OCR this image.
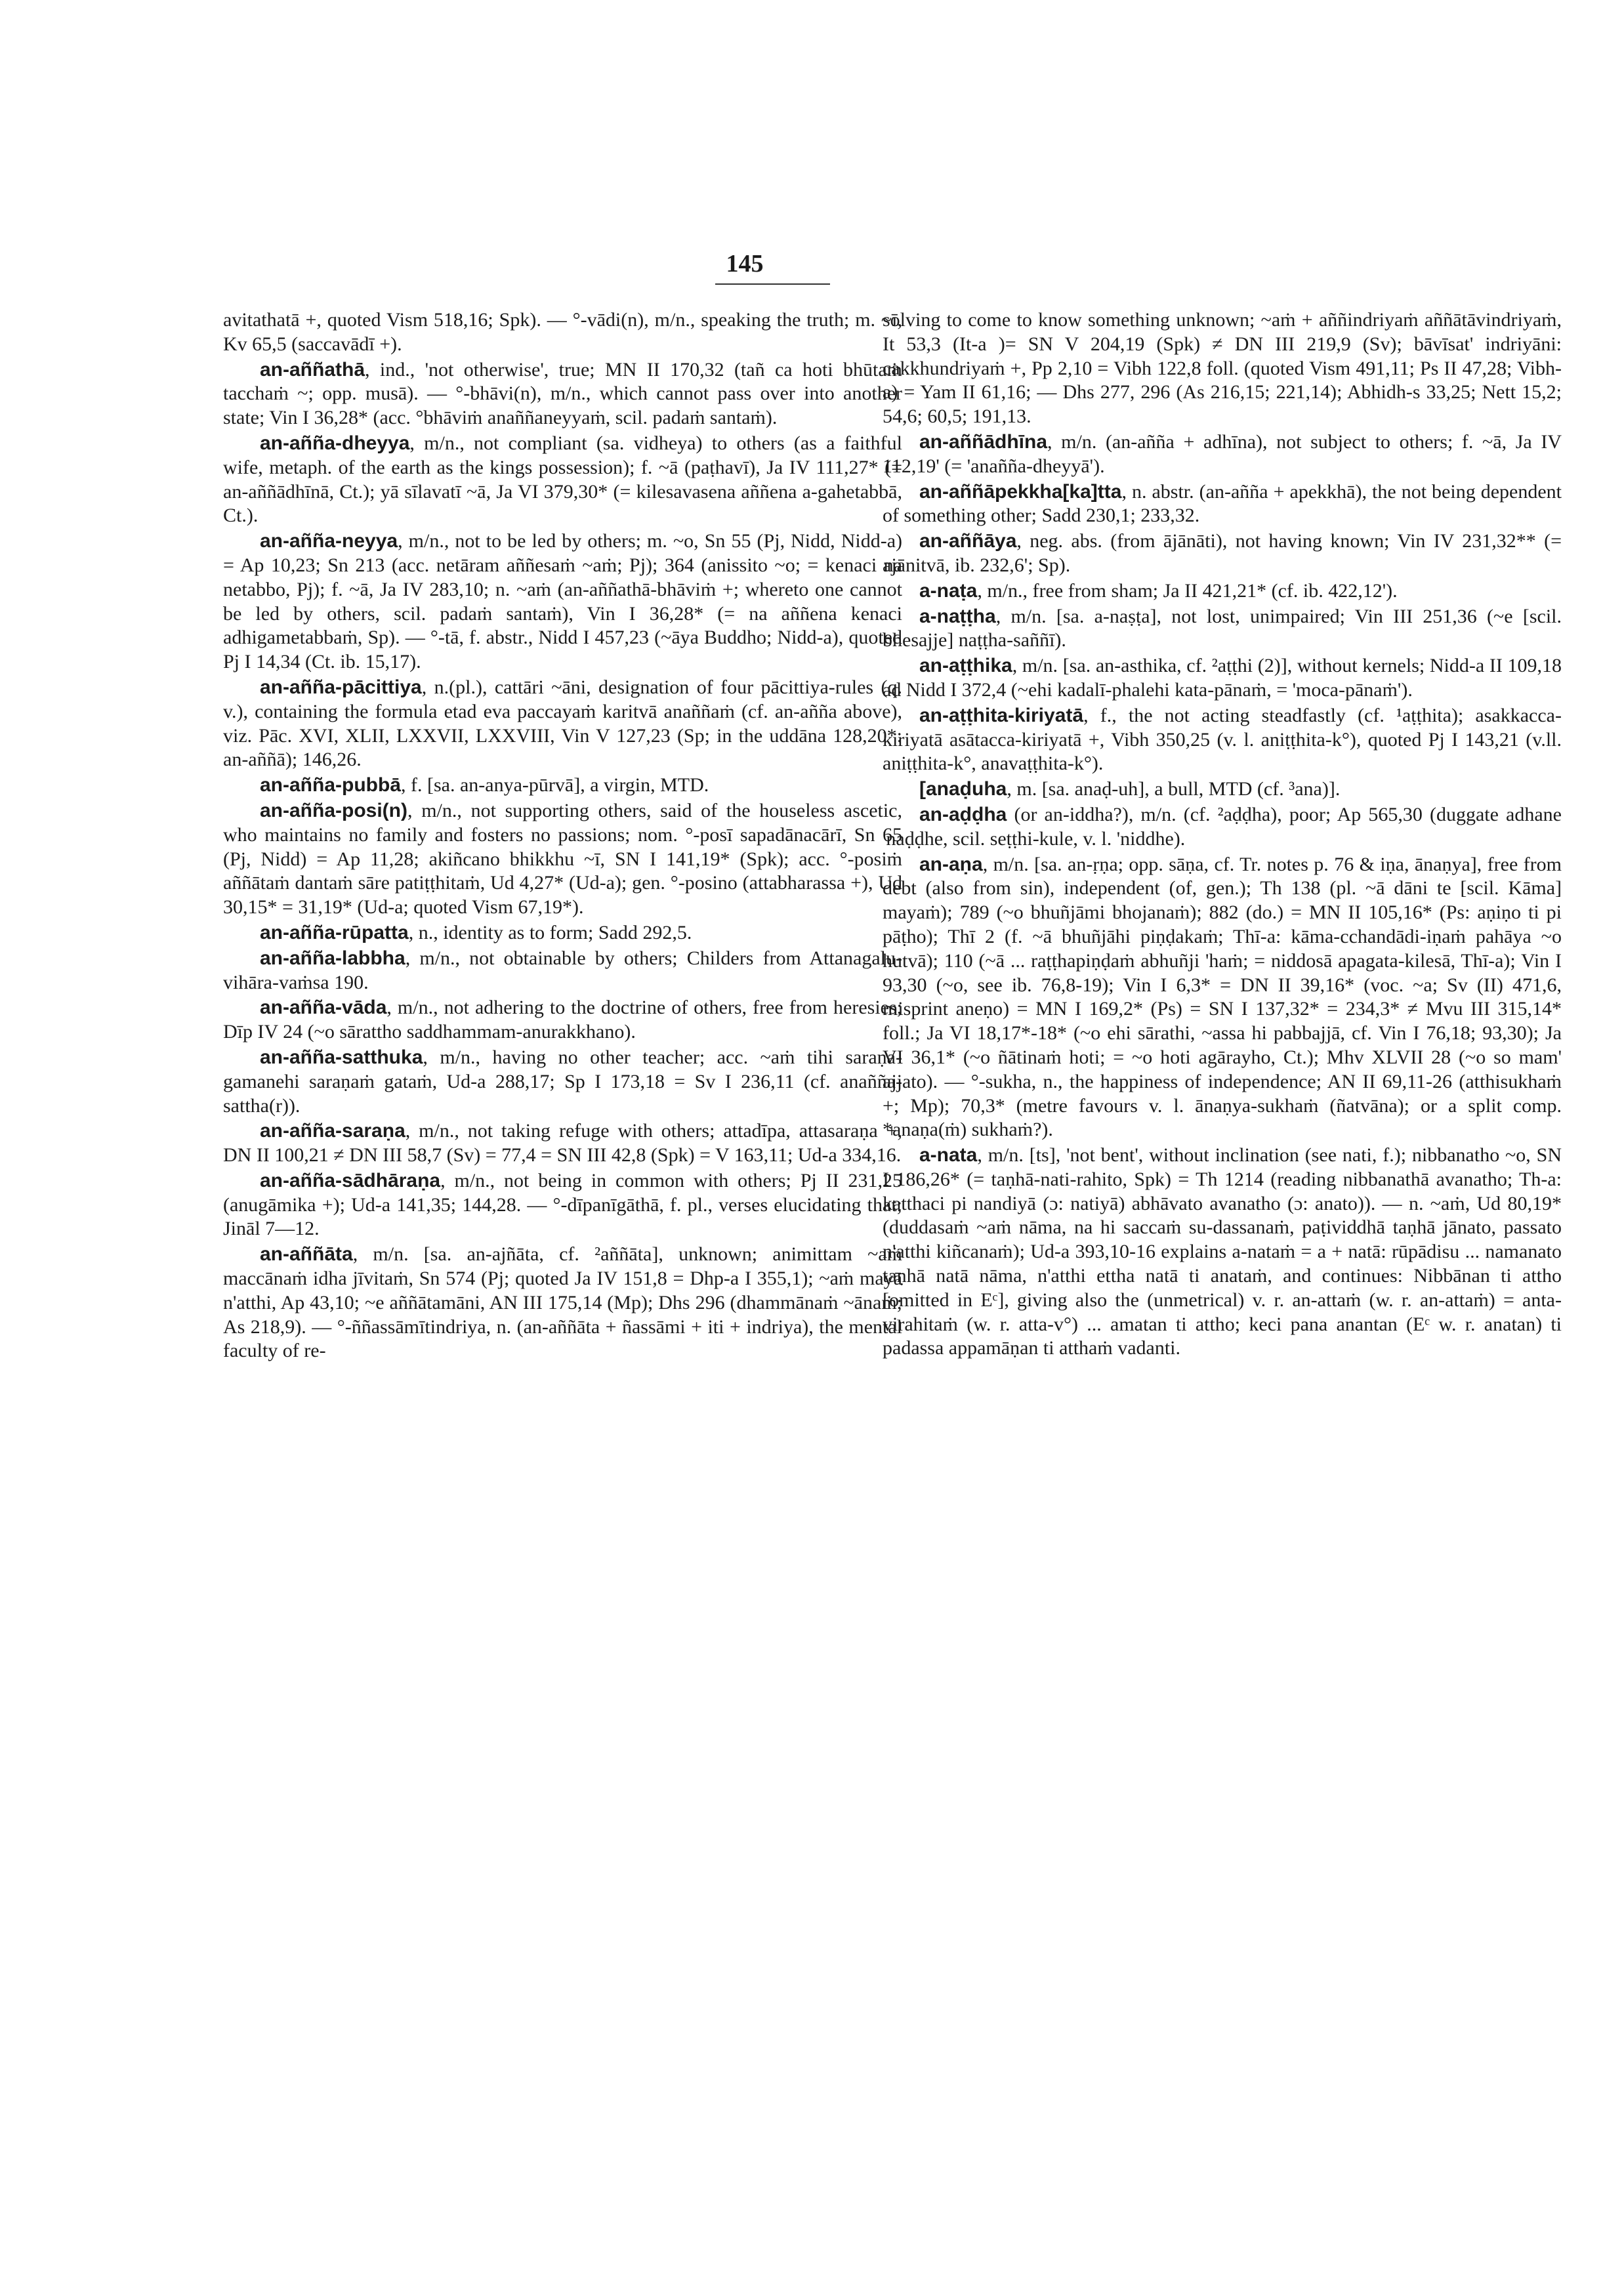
145

avitathatā +, quoted Vism 518,16; Spk). — °-vādi(n), m/n., speaking the truth; m. ~ī, Kv 65,5 (saccavādī +).

an-aññathā, ind., 'not otherwise', true; MN II 170,32 (tañ ca hoti bhūtaṁ tacchaṁ ~; opp. musā). — °-bhāvi(n), m/n., which cannot pass over into another state; Vin I 36,28* (acc. °bhāviṁ anaññaneyyaṁ, scil. padaṁ santaṁ).

an-añña-dheyya, m/n., not compliant (sa. vidheya) to others (as a faithful wife, metaph. of the earth as the kings possession); f. ~ā (paṭhavī), Ja IV 111,27* (= an-aññādhīnā, Ct.); yā sīlavatī ~ā, Ja VI 379,30* (= kilesavasena aññena a-gahetabbā, Ct.).

an-añña-neyya, m/n., not to be led by others; m. ~o, Sn 55 (Pj, Nidd, Nidd-a) = Ap 10,23; Sn 213 (acc. netāram aññesaṁ ~aṁ; Pj); 364 (anissito ~o; = kenaci na netabbo, Pj); f. ~ā, Ja IV 283,10; n. ~aṁ (an-aññathā-bhāviṁ +; whereto one cannot be led by others, scil. padaṁ santaṁ), Vin I 36,28* (= na aññena kenaci adhigametabbaṁ, Sp). — °-tā, f. abstr., Nidd I 457,23 (~āya Buddho; Nidd-a), quoted Pj I 14,34 (Ct. ib. 15,17).

an-añña-pācittiya, n.(pl.), cattāri ~āni, designation of four pācittiya-rules (q. v.), containing the formula etad eva paccayaṁ karitvā anaññaṁ (cf. an-añña above), viz. Pāc. XVI, XLII, LXXVII, LXXVIII, Vin V 127,23 (Sp; in the uddāna 128,20*: an-aññā); 146,26.

an-añña-pubbā, f. [sa. an-anya-pūrvā], a virgin, MTD.

an-añña-posi(n), m/n., not supporting others, said of the houseless ascetic, who maintains no family and fosters no passions; nom. °-posī sapadānacārī, Sn 65 (Pj, Nidd) = Ap 11,28; akiñcano bhikkhu ~ī, SN I 141,19* (Spk); acc. °-posiṁ aññātaṁ dantaṁ sāre patiṭṭhitaṁ, Ud 4,27* (Ud-a); gen. °-posino (attabharassa +), Ud 30,15* = 31,19* (Ud-a; quoted Vism 67,19*).

an-añña-rūpatta, n., identity as to form; Sadd 292,5.

an-añña-labbha, m/n., not obtainable by others; Childers from Attanagalu-vihāra-vaṁsa 190.

an-añña-vāda, m/n., not adhering to the doctrine of others, free from heresies; Dīp IV 24 (~o sārattho saddhammam-anurakkhano).

an-añña-satthuka, m/n., having no other teacher; acc. ~aṁ tihi saraṇa-gamanehi saraṇaṁ gataṁ, Ud-a 288,17; Sp I 173,18 = Sv I 236,11 (cf. anañña-sattha(r)).

an-añña-saraṇa, m/n., not taking refuge with others; attadīpa, attasaraṇa +, DN II 100,21 ≠ DN III 58,7 (Sv) = 77,4 = SN III 42,8 (Spk) = V 163,11; Ud-a 334,16.

an-añña-sādhāraṇa, m/n., not being in common with others; Pj II 231,25 (anugāmika +); Ud-a 141,35; 144,28. — °-dīpanīgāthā, f. pl., verses elucidating that; Jināl 7—12.

an-aññāta, m/n. [sa. an-ajñāta, cf. ²aññāta], unknown; animittam ~aṁ maccānaṁ idha jīvitaṁ, Sn 574 (Pj; quoted Ja IV 151,8 = Dhp-a I 355,1); ~aṁ mayā n'atthi, Ap 43,10; ~e aññātamāni, AN III 175,14 (Mp); Dhs 296 (dhammānaṁ ~ānaṁ; As 218,9). — °-ññassāmītindriya, n. (an-aññāta + ñassāmi + iti + indriya), the mental faculty of re-

solving to come to know something unknown; ~aṁ + aññindriyaṁ aññātāvindriyaṁ, It 53,3 (It-a )= SN V 204,19 (Spk) ≠ DN III 219,9 (Sv); bāvīsat' indriyāni: cakkhundriyaṁ +, Pp 2,10 = Vibh 122,8 foll. (quoted Vism 491,11; Ps II 47,28; Vibh-a) = Yam II 61,16; — Dhs 277, 296 (As 216,15; 221,14); Abhidh-s 33,25; Nett 15,2; 54,6; 60,5; 191,13.

an-aññādhīna, m/n. (an-añña + adhīna), not subject to others; f. ~ā, Ja IV 112,19' (= 'anañña-dheyyā').

an-aññāpekkha[ka]tta, n. abstr. (an-añña + apekkhā), the not being dependent of something other; Sadd 230,1; 233,32.

an-aññāya, neg. abs. (from ājānāti), not having known; Vin IV 231,32** (= ajānitvā, ib. 232,6'; Sp).

a-naṭa, m/n., free from sham; Ja II 421,21* (cf. ib. 422,12').

a-naṭṭha, m/n. [sa. a-naṣṭa], not lost, unimpaired; Vin III 251,36 (~e [scil. bhesajje] naṭṭha-saññī).

an-aṭṭhika, m/n. [sa. an-asthika, cf. ²aṭṭhi (2)], without kernels; Nidd-a II 109,18 ad Nidd I 372,4 (~ehi kadalī-phalehi kata-pānaṁ, = 'moca-pānaṁ').

an-aṭṭhita-kiriyatā, f., the not acting steadfastly (cf. ¹aṭṭhita); asakkacca-kiriyatā asātacca-kiriyatā +, Vibh 350,25 (v. l. aniṭṭhita-k°), quoted Pj I 143,21 (v.ll. aniṭṭhita-k°, anavaṭṭhita-k°).

[anaḍuha, m. [sa. anaḍ-uh], a bull, MTD (cf. ³ana)].

an-aḍḍha (or an-iddha?), m/n. (cf. ²aḍḍha), poor; Ap 565,30 (duggate adhane 'naḍḍhe, scil. seṭṭhi-kule, v. l. 'niddhe).

an-aṇa, m/n. [sa. an-ṛṇa; opp. sāṇa, cf. Tr. notes p. 76 & iṇa, ānaṇya], free from debt (also from sin), independent (of, gen.); Th 138 (pl. ~ā dāni te [scil. Kāma] mayaṁ); 789 (~o bhuñjāmi bhojanaṁ); 882 (do.) = MN II 105,16* (Ps: aṇiṇo ti pi pāṭho); Thī 2 (f. ~ā bhuñjāhi piṇḍakaṁ; Thī-a: kāma-cchandādi-iṇaṁ pahāya ~o hutvā); 110 (~ā ... raṭṭhapiṇḍaṁ abhuñji 'haṁ; = niddosā apagata-kilesā, Thī-a); Vin I 93,30 (~o, see ib. 76,8-19); Vin I 6,3* = DN II 39,16* (voc. ~a; Sv (II) 471,6, misprint aneṇo) = MN I 169,2* (Ps) = SN I 137,32* = 234,3* ≠ Mvu III 315,14* foll.; Ja VI 18,17*-18* (~o ehi sārathi, ~assa hi pabbajjā, cf. Vin I 76,18; 93,30); Ja VI 36,1* (~o ñātinaṁ hoti; = ~o hoti agārayho, Ct.); Mhv XLVII 28 (~o so mam' ajjato). — °-sukha, n., the happiness of independence; AN II 69,11-26 (atthisukhaṁ +; Mp); 70,3* (metre favours v. l. ānaṇya-sukhaṁ (ñatvāna); or a split comp. *anaṇa(ṁ) sukhaṁ?).

a-nata, m/n. [ts], 'not bent', without inclination (see nati, f.); nibbanatho ~o, SN I 186,26* (= taṇhā-nati-rahito, Spk) = Th 1214 (reading nibbanathā avanatho; Th-a: katthaci pi nandiyā (ɔ: natiyā) abhāvato avanatho (ɔ: anato)). — n. ~aṁ, Ud 80,19* (duddasaṁ ~aṁ nāma, na hi saccaṁ su-dassanaṁ, paṭividdhā taṇhā jānato, passato n'atthi kiñcanaṁ); Ud-a 393,10-16 explains a-nataṁ = a + natā: rūpādisu ... namanato taṇhā natā nāma, n'atthi ettha natā ti anataṁ, and continues: Nibbānan ti attho [omitted in Eᶜ], giving also the (unmetrical) v. r. an-attaṁ (w. r. an-attaṁ) = anta-virahitaṁ (w. r. atta-v°) ... amatan ti attho; keci pana anantan (Eᶜ w. r. anatan) ti padassa appamāṇan ti atthaṁ vadanti.
